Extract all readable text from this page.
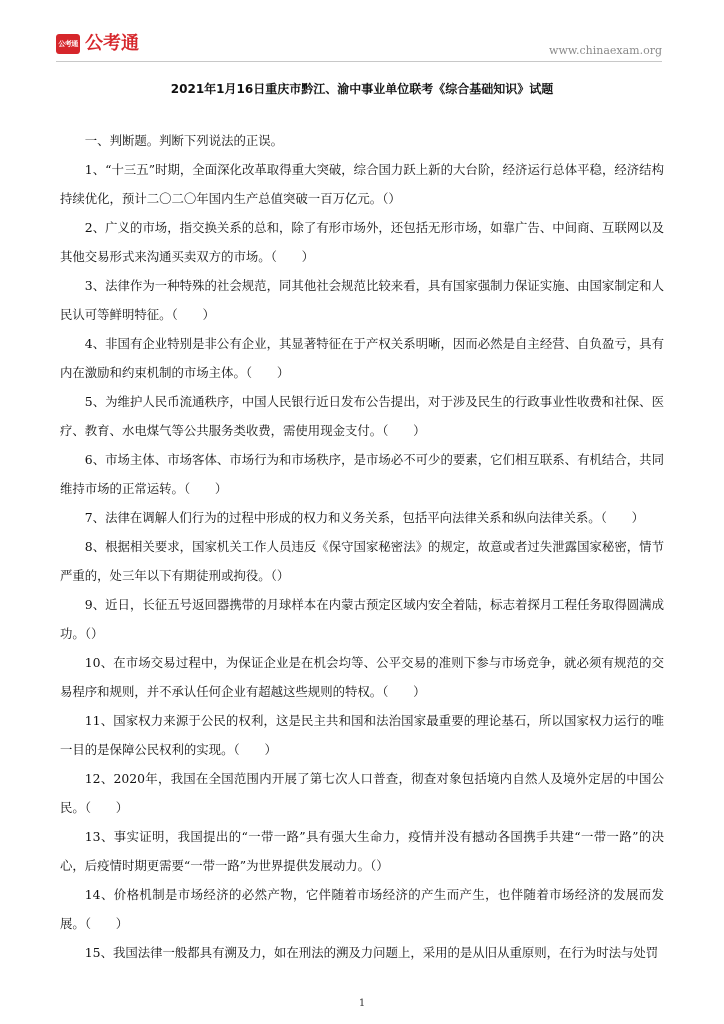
公考通 公考通	www.chinaexam.org
2021年1月16日重庆市黔江、渝中事业单位联考《综合基础知识》试题

一、判断题。判断下列说法的正误。

1、“十三五”时期，全面深化改革取得重大突破，综合国力跃上新的大台阶，经济运行总体平稳，经济结构持续优化，预计二〇二〇年国内生产总值突破一百万亿元。（）

2、广义的市场，指交换关系的总和，除了有形市场外，还包括无形市场，如靠广告、中间商、互联网以及其他交易形式来沟通买卖双方的市场。（　　）

3、法律作为一种特殊的社会规范，同其他社会规范比较来看，具有国家强制力保证实施、由国家制定和人民认可等鲜明特征。（　　）

4、非国有企业特别是非公有企业，其显著特征在于产权关系明晰，因而必然是自主经营、自负盈亏，具有内在激励和约束机制的市场主体。（　　）

5、为维护人民币流通秩序，中国人民银行近日发布公告提出，对于涉及民生的行政事业性收费和社保、医疗、教育、水电煤气等公共服务类收费，需使用现金支付。（　　）

6、市场主体、市场客体、市场行为和市场秩序，是市场必不可少的要素，它们相互联系、有机结合，共同维持市场的正常运转。（　　）

7、法律在调解人们行为的过程中形成的权力和义务关系，包括平向法律关系和纵向法律关系。（　　）

8、根据相关要求，国家机关工作人员违反《保守国家秘密法》的规定，故意或者过失泄露国家秘密，情节严重的，处三年以下有期徒刑或拘役。（）

9、近日，长征五号返回器携带的月球样本在内蒙古预定区域内安全着陆，标志着探月工程任务取得圆满成功。（）

10、在市场交易过程中，为保证企业是在机会均等、公平交易的准则下参与市场竞争，就必须有规范的交易程序和规则，并不承认任何企业有超越这些规则的特权。（　　）

11、国家权力来源于公民的权利，这是民主共和国和法治国家最重要的理论基石，所以国家权力运行的唯一目的是保障公民权利的实现。（　　）

12、2020年，我国在全国范围内开展了第七次人口普查，彻查对象包括境内自然人及境外定居的中国公民。（　　）

13、事实证明，我国提出的“一带一路”具有强大生命力，疫情并没有撼动各国携手共建“一带一路”的决心，后疫情时期更需要“一带一路”为世界提供发展动力。（）

14、价格机制是市场经济的必然产物，它伴随着市场经济的产生而产生，也伴随着市场经济的发展而发展。（　　）

15、我国法律一般都具有溯及力，如在刑法的溯及力问题上，采用的是从旧从重原则，在行为时法与处罚

1
